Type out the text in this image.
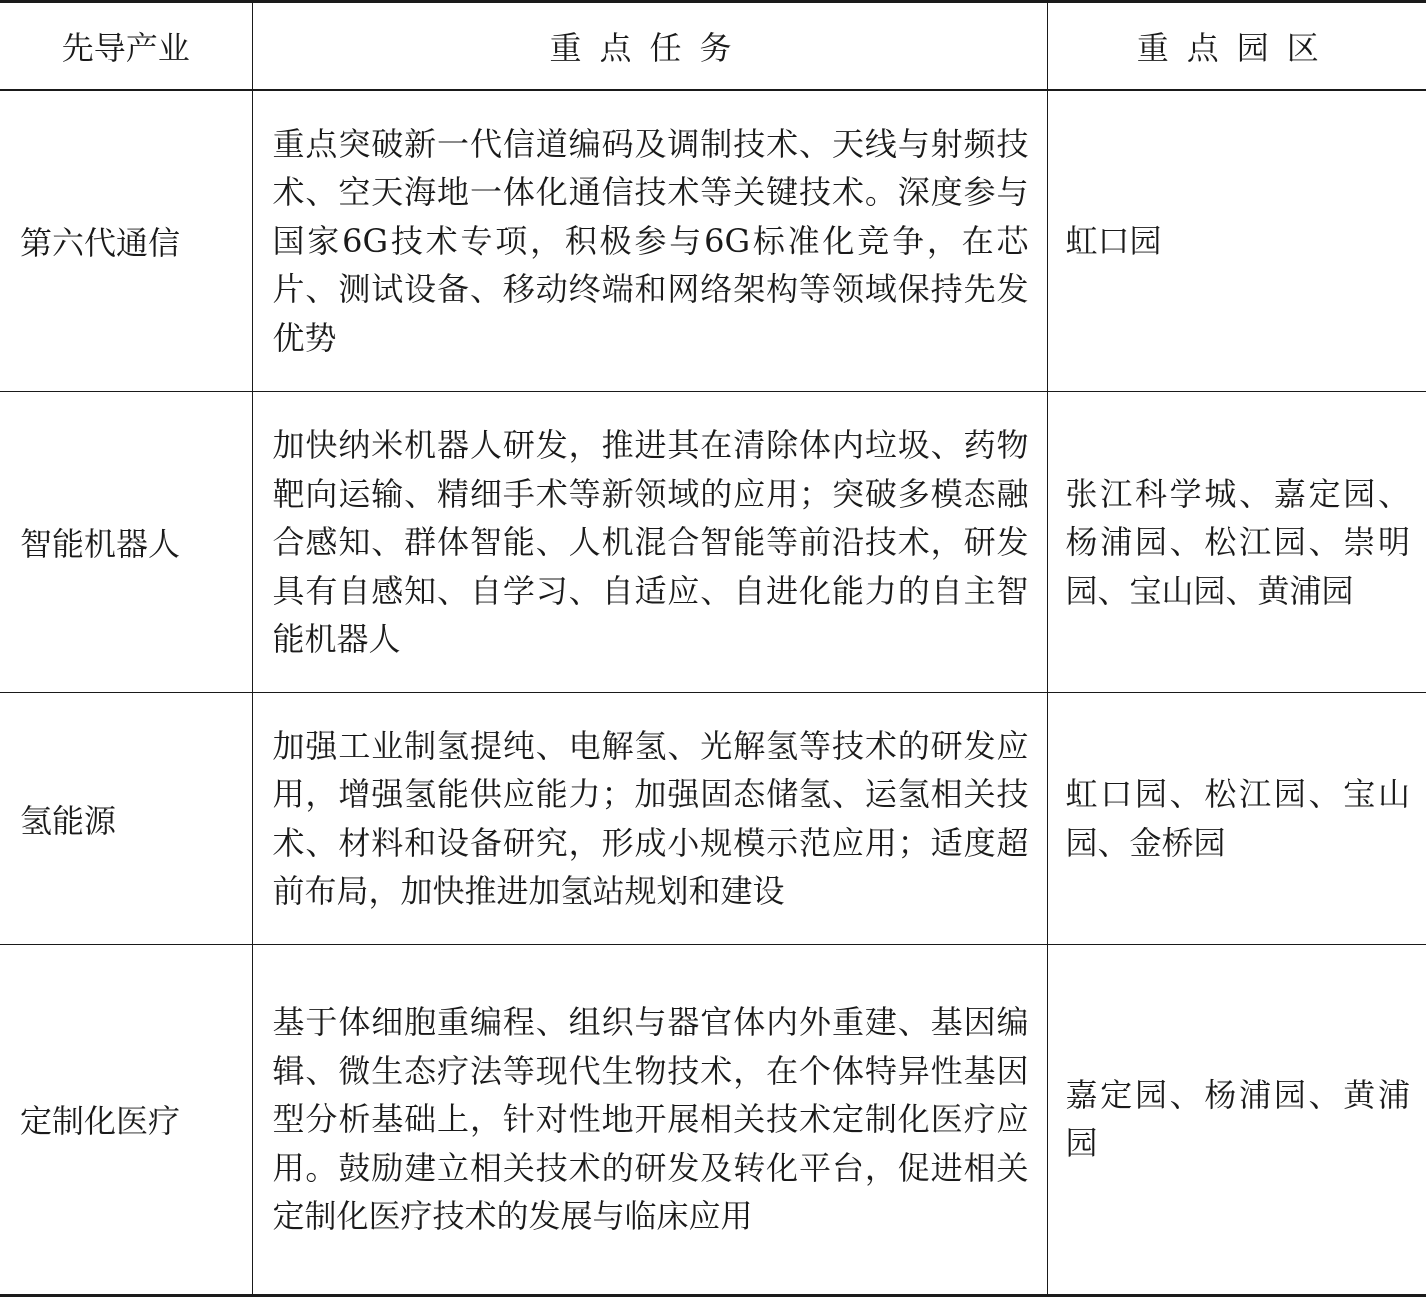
先导产业	重点任务	重点园区
第六代通信	重点突破新一代信道编码及调制技术、天线与射频技术、空天海地一体化通信技术等关键技术。深度参与国家6G技术专项，积极参与6G标准化竞争，在芯片、测试设备、移动终端和网络架构等领域保持先发优势	虹口园
智能机器人	加快纳米机器人研发，推进其在清除体内垃圾、药物靶向运输、精细手术等新领域的应用；突破多模态融合感知、群体智能、人机混合智能等前沿技术，研发具有自感知、自学习、自适应、自进化能力的自主智能机器人	张江科学城、嘉定园、杨浦园、松江园、崇明园、宝山园、黄浦园
氢能源	加强工业制氢提纯、电解氢、光解氢等技术的研发应用，增强氢能供应能力；加强固态储氢、运氢相关技术、材料和设备研究，形成小规模示范应用；适度超前布局，加快推进加氢站规划和建设	虹口园、松江园、宝山园、金桥园
定制化医疗	基于体细胞重编程、组织与器官体内外重建、基因编辑、微生态疗法等现代生物技术，在个体特异性基因型分析基础上，针对性地开展相关技术定制化医疗应用。鼓励建立相关技术的研发及转化平台，促进相关定制化医疗技术的发展与临床应用	嘉定园、杨浦园、黄浦园
